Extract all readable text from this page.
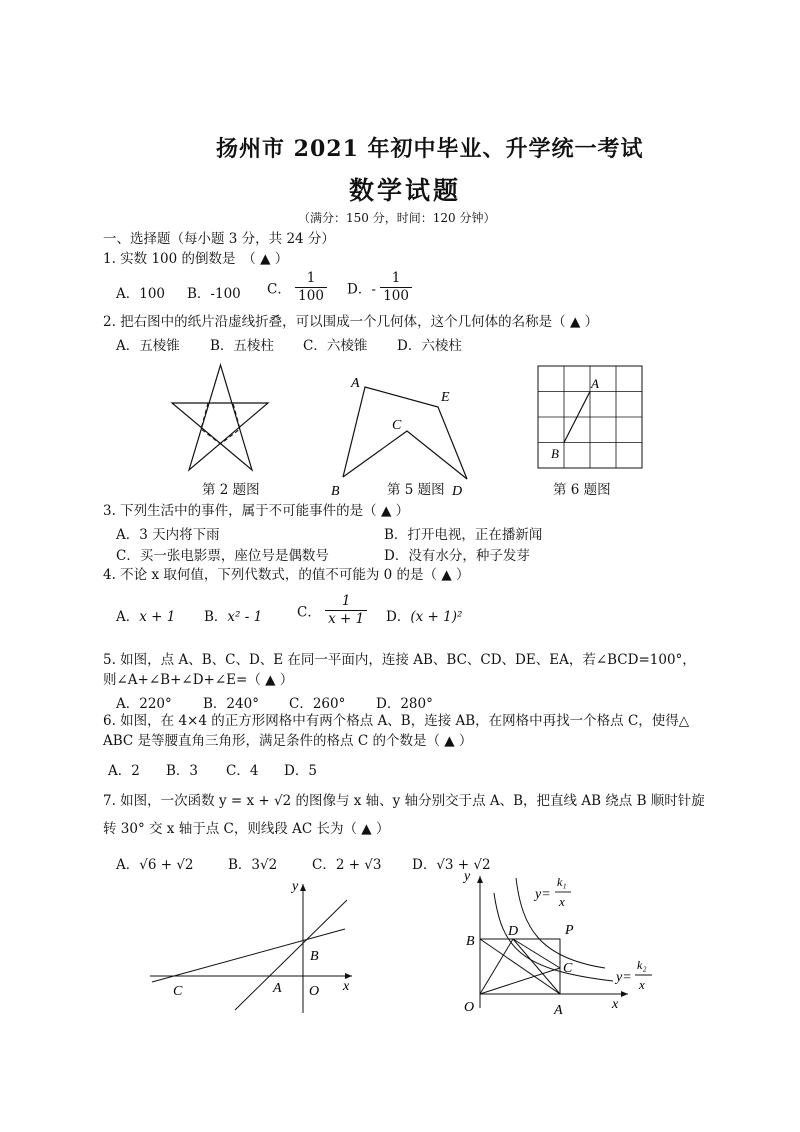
扬州市 2021 年初中毕业、升学统一考试
数学试题
（满分：150 分，时间：120 分钟）
一、选择题（每小题 3 分，共 24 分）
1. 实数 100 的倒数是　（ ▲ ）
A．100 B．-100 C． $\frac{1}{100}$ D．- $\frac{1}{100}$
2. 把右图中的纸片沿虚线折叠，可以围成一个几何体，这个几何体的名称是（ ▲ ）
A．五棱锥 B．五棱柱 C．六棱锥 D．六棱柱
第 2 题图
A
E
C
B	D
第 5 题图
A
B
第 6 题图
3. 下列生活中的事件，属于不可能事件的是（ ▲ ）
A．3 天内将下雨	B．打开电视，正在播新闻
C．买一张电影票，座位号是偶数号	D．没有水分，种子发芽
4. 不论 x 取何值，下列代数式，的值不可能为 0 的是（ ▲ ）
A．x + 1 B．x² - 1	C． $\frac{1}{x + 1}$ D．(x + 1)²
5. 如图，点 A、B、C、D、E 在同一平面内，连接 AB、BC、CD、DE、EA，若∠BCD=100°，
则∠A+∠B+∠D+∠E=（ ▲ ）
A．220° B．240° C．260° D．280°
6. 如图，在 4×4 的正方形网格中有两个格点 A、B，连接 AB，在网格中再找一个格点 C，使得△
ABC 是等腰直角三角形，满足条件的格点 C 的个数是（ ▲ ）
A．2 B．3 C．4 D．5
7. 如图，一次函数 y = x + √2 的图像与 x 轴、y 轴分别交于点 A、B，把直线 AB 绕点 B 顺时针旋
转 30° 交 x 轴于点 C，则线段 AC 长为（ ▲ ）
A．√6 + √2	B．3√2	C．2 + √3 D．√3 + √2
y
x
B
C	A O
y
x
B
D	P
C
O	A
y=
k₁
x
y=
k₂
x
